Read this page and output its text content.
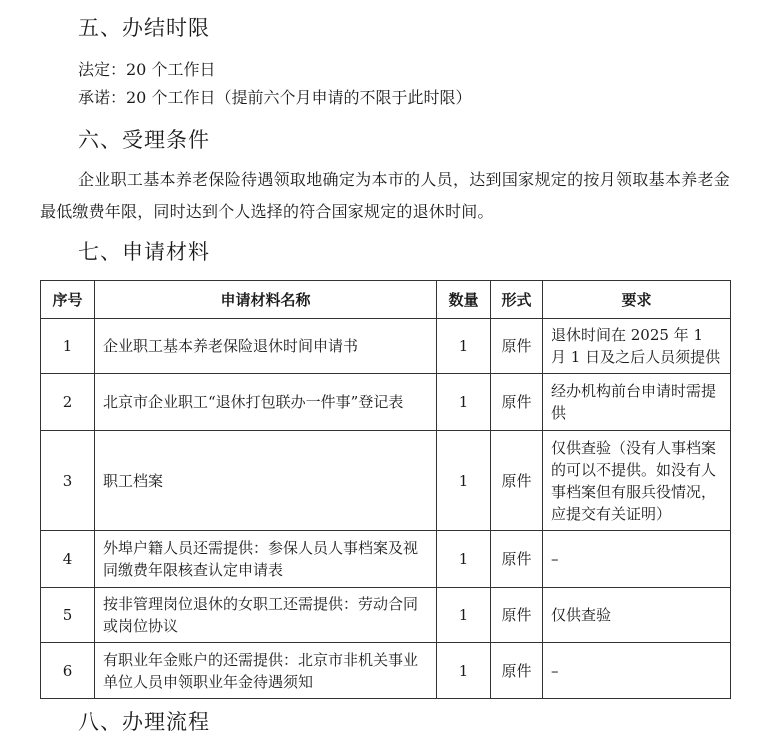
五、办结时限

法定：20 个工作日

承诺：20 个工作日（提前六个月申请的不限于此时限）

六、受理条件

企业职工基本养老保险待遇领取地确定为本市的人员，达到国家规定的按月领取基本养老金最低缴费年限，同时达到个人选择的符合国家规定的退休时间。

七、申请材料
序号	申请材料名称	数量	形式	要求
1	企业职工基本养老保险退休时间申请书	1	原件	退休时间在 2025 年 1 月 1 日及之后人员须提供
2	北京市企业职工“退休打包联办一件事”登记表	1	原件	经办机构前台申请时需提供
3	职工档案	1	原件	仅供查验（没有人事档案的可以不提供。如没有人事档案但有服兵役情况，应提交有关证明）
4	外埠户籍人员还需提供：参保人员人事档案及视同缴费年限核查认定申请表	1	原件	–
5	按非管理岗位退休的女职工还需提供：劳动合同或岗位协议	1	原件	仅供查验
6	有职业年金账户的还需提供：北京市非机关事业单位人员申领职业年金待遇须知	1	原件	–
八、办理流程
